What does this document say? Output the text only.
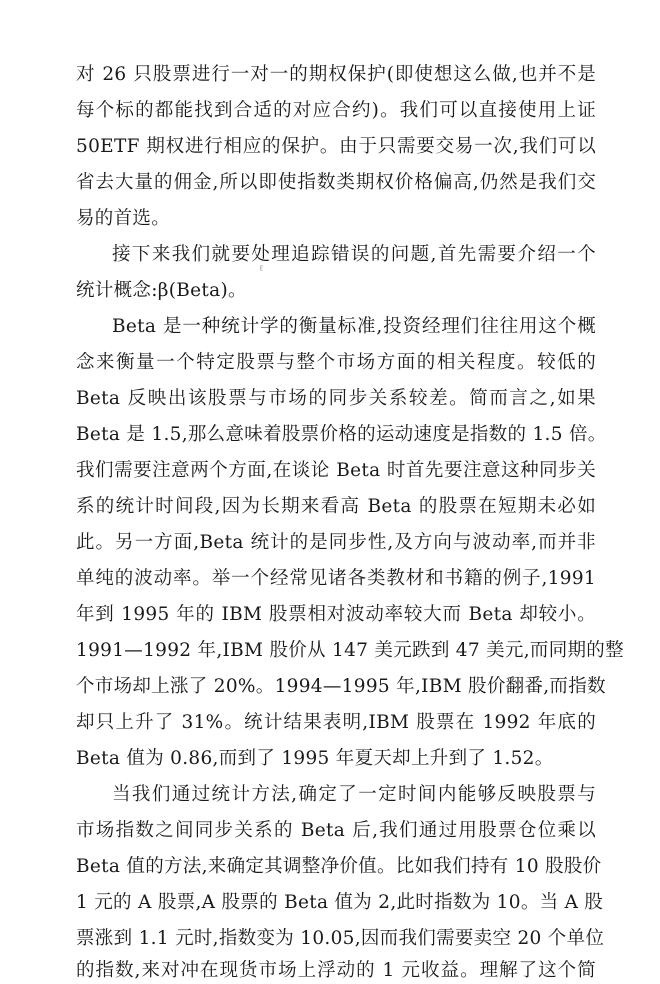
对 26 只股票进行一对一的期权保护(即使想这么做,也并不是
每个标的都能找到合适的对应合约)。我们可以直接使用上证
50ETF 期权进行相应的保护。由于只需要交易一次,我们可以
省去大量的佣金,所以即使指数类期权价格偏高,仍然是我们交
易的首选。
接下来我们就要处理追踪错误的问题,首先需要介绍一个
统计概念:β(Beta)。
ℓ
Beta 是一种统计学的衡量标准,投资经理们往往用这个概
念来衡量一个特定股票与整个市场方面的相关程度。较低的
Beta 反映出该股票与市场的同步关系较差。简而言之,如果
Beta 是 1.5,那么意味着股票价格的运动速度是指数的 1.5 倍。
我们需要注意两个方面,在谈论 Beta 时首先要注意这种同步关
系的统计时间段,因为长期来看高 Beta 的股票在短期未必如
此。另一方面,Beta 统计的是同步性,及方向与波动率,而并非
单纯的波动率。举一个经常见诸各类教材和书籍的例子,1991
年到 1995 年的 IBM 股票相对波动率较大而 Beta 却较小。
1991—1992 年,IBM 股价从 147 美元跌到 47 美元,而同期的整
个市场却上涨了 20%。1994—1995 年,IBM 股价翻番,而指数
却只上升了 31%。统计结果表明,IBM 股票在 1992 年底的
Beta 值为 0.86,而到了 1995 年夏天却上升到了 1.52。
当我们通过统计方法,确定了一定时间内能够反映股票与
市场指数之间同步关系的 Beta 后,我们通过用股票仓位乘以
Beta 值的方法,来确定其调整净价值。比如我们持有 10 股股价
1 元的 A 股票,A 股票的 Beta 值为 2,此时指数为 10。当 A 股
票涨到 1.1 元时,指数变为 10.05,因而我们需要卖空 20 个单位
的指数,来对冲在现货市场上浮动的 1 元收益。理解了这个简
